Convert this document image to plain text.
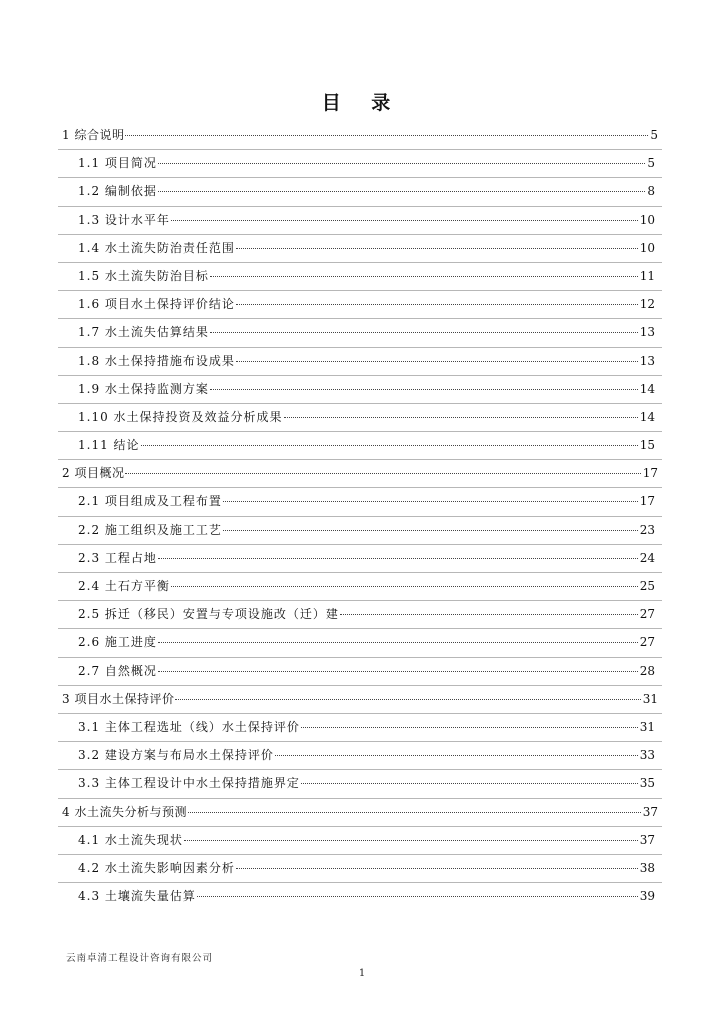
目 录
1 综合说明	5
1.1 项目简况	5
1.2 编制依据	8
1.3 设计水平年	10
1.4 水土流失防治责任范围	10
1.5 水土流失防治目标	11
1.6 项目水土保持评价结论	12
1.7 水土流失估算结果	13
1.8 水土保持措施布设成果	13
1.9 水土保持监测方案	14
1.10 水土保持投资及效益分析成果	14
1.11 结论	15
2 项目概况	17
2.1 项目组成及工程布置	17
2.2 施工组织及施工工艺	23
2.3 工程占地	24
2.4 土石方平衡	25
2.5 拆迁（移民）安置与专项设施改（迁）建	27
2.6 施工进度	27
2.7 自然概况	28
3 项目水土保持评价	31
3.1 主体工程选址（线）水土保持评价	31
3.2 建设方案与布局水土保持评价	33
3.3 主体工程设计中水土保持措施界定	35
4 水土流失分析与预测	37
4.1 水土流失现状	37
4.2 水土流失影响因素分析	38
4.3 土壤流失量估算	39
云南卓清工程设计咨询有限公司
1
